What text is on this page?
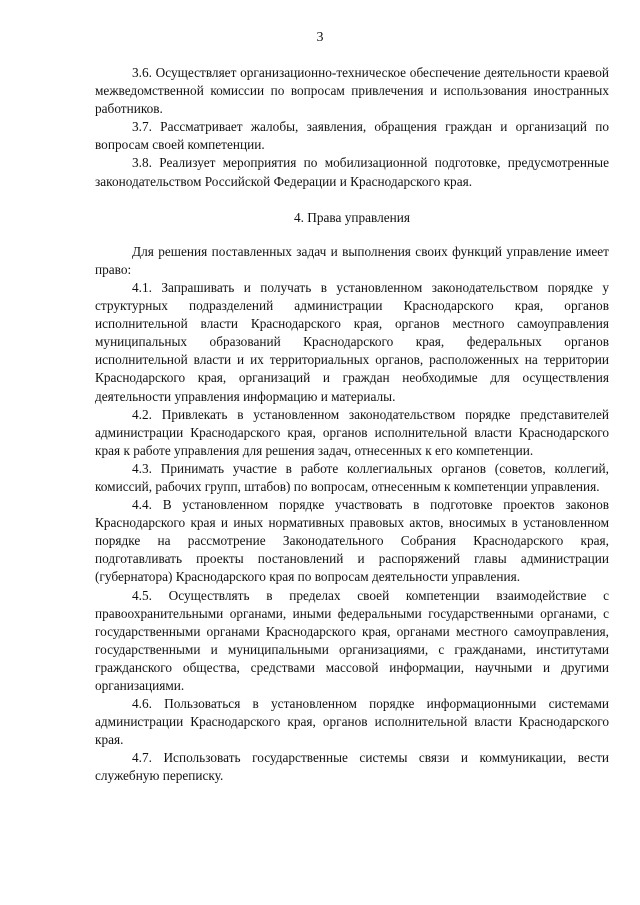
3

3.6. Осуществляет организационно-техническое обеспечение деятельности краевой межведомственной комиссии по вопросам привлечения и использования иностранных работников.

3.7. Рассматривает жалобы, заявления, обращения граждан и организаций по вопросам своей компетенции.

3.8. Реализует мероприятия по мобилизационной подготовке, предусмотренные законодательством Российской Федерации и Краснодарского края.

4. Права управления

Для решения поставленных задач и выполнения своих функций управление имеет право:

4.1. Запрашивать и получать в установленном законодательством порядке у структурных подразделений администрации Краснодарского края, органов исполнительной власти Краснодарского края, органов местного самоуправления муниципальных образований Краснодарского края, федеральных органов исполнительной власти и их территориальных органов, расположенных на территории Краснодарского края, организаций и граждан необходимые для осуществления деятельности управления информацию и материалы.

4.2. Привлекать в установленном законодательством порядке представителей администрации Краснодарского края, органов исполнительной власти Краснодарского края к работе управления для решения задач, отнесенных к его компетенции.

4.3. Принимать участие в работе коллегиальных органов (советов, коллегий, комиссий, рабочих групп, штабов) по вопросам, отнесенным к компетенции управления.

4.4. В установленном порядке участвовать в подготовке проектов законов Краснодарского края и иных нормативных правовых актов, вносимых в установленном порядке на рассмотрение Законодательного Собрания Краснодарского края, подготавливать проекты постановлений и распоряжений главы администрации (губернатора) Краснодарского края по вопросам деятельности управления.

4.5. Осуществлять в пределах своей компетенции взаимодействие с правоохранительными органами, иными федеральными государственными органами, с государственными органами Краснодарского края, органами местного самоуправления, государственными и муниципальными организациями, с гражданами, институтами гражданского общества, средствами массовой информации, научными и другими организациями.

4.6. Пользоваться в установленном порядке информационными системами администрации Краснодарского края, органов исполнительной власти Краснодарского края.

4.7. Использовать государственные системы связи и коммуникации, вести служебную переписку.
